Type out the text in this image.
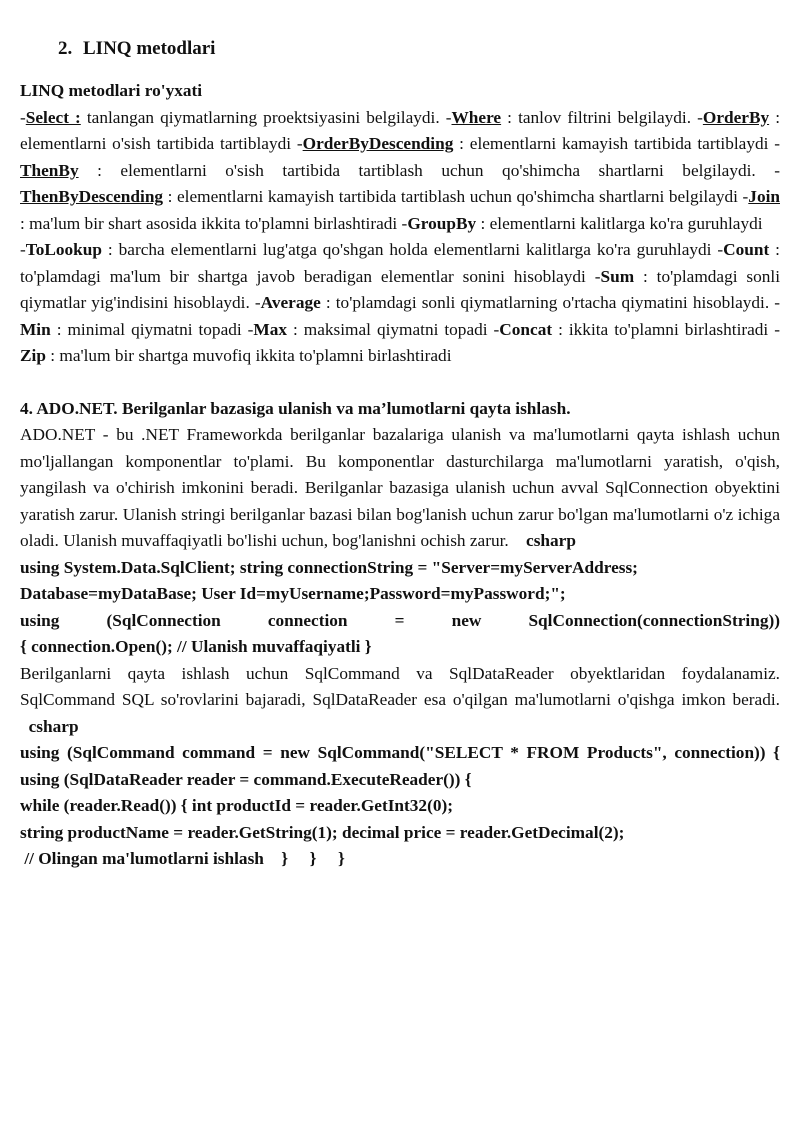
2. LINQ metodlari
LINQ metodlari ro'yxati

-Select : tanlangan qiymatlarning proektsiyasini belgilaydi. -Where : tanlov filtrini belgilaydi. -OrderBy : elementlarni o'sish tartibida tartiblaydi -OrderByDescending : elementlarni kamayish tartibida tartiblaydi -ThenBy : elementlarni o'sish tartibida tartiblash uchun qo'shimcha shartlarni belgilaydi. -ThenByDescending : elementlarni kamayish tartibida tartiblash uchun qo'shimcha shartlarni belgilaydi -Join : ma'lum bir shart asosida ikkita to'plamni birlashtiradi -GroupBy : elementlarni kalitlarga ko'ra guruhlaydi
-ToLookup : barcha elementlarni lug'atga qo'shgan holda elementlarni kalitlarga ko'ra guruhlaydi -Count : to'plamdagi ma'lum bir shartga javob beradigan elementlar sonini hisoblaydi -Sum : to'plamdagi sonli qiymatlar yig'indisini hisoblaydi. -Average : to'plamdagi sonli qiymatlarning o'rtacha qiymatini hisoblaydi. -Min : minimal qiymatni topadi -Max : maksimal qiymatni topadi -Concat : ikkita to'plamni birlashtiradi -Zip : ma'lum bir shartga muvofiq ikkita to'plamni birlashtiradi

4. ADO.NET. Berilganlar bazasiga ulanish va ma’lumotlarni qayta ishlash.

ADO.NET - bu .NET Frameworkda berilganlar bazalariga ulanish va ma'lumotlarni qayta ishlash uchun mo'ljallangan komponentlar to'plami. Bu komponentlar dasturchilarga ma'lumotlarni yaratish, o'qish, yangilash va o'chirish imkonini beradi. Berilganlar bazasiga ulanish uchun avval SqlConnection obyektini yaratish zarur. Ulanish stringi berilganlar bazasi bilan bog'lanish uchun zarur bo'lgan ma'lumotlarni o'z ichiga oladi. Ulanish muvaffaqiyatli bo'lishi uchun, bog'lanishni ochish zarur. csharp

using System.Data.SqlClient; string connectionString = "Server=myServerAddress;
Database=myDataBase; User Id=myUsername;Password=myPassword;";

using (SqlConnection connection = new SqlConnection(connectionString))
{ connection.Open(); // Ulanish muvaffaqiyatli }

Berilganlarni qayta ishlash uchun SqlCommand va SqlDataReader obyektlaridan foydalanamiz. SqlCommand SQL so'rovlarini bajaradi, SqlDataReader esa o'qilgan ma'lumotlarni o'qishga imkon beradi.   csharp

using (SqlCommand command = new SqlCommand("SELECT * FROM Products", connection)) { using (SqlDataReader reader = command.ExecuteReader()) {
while (reader.Read()) { int productId = reader.GetInt32(0);
string productName = reader.GetString(1); decimal price = reader.GetDecimal(2);
// Olingan ma'lumotlarni ishlash    }     }     }
